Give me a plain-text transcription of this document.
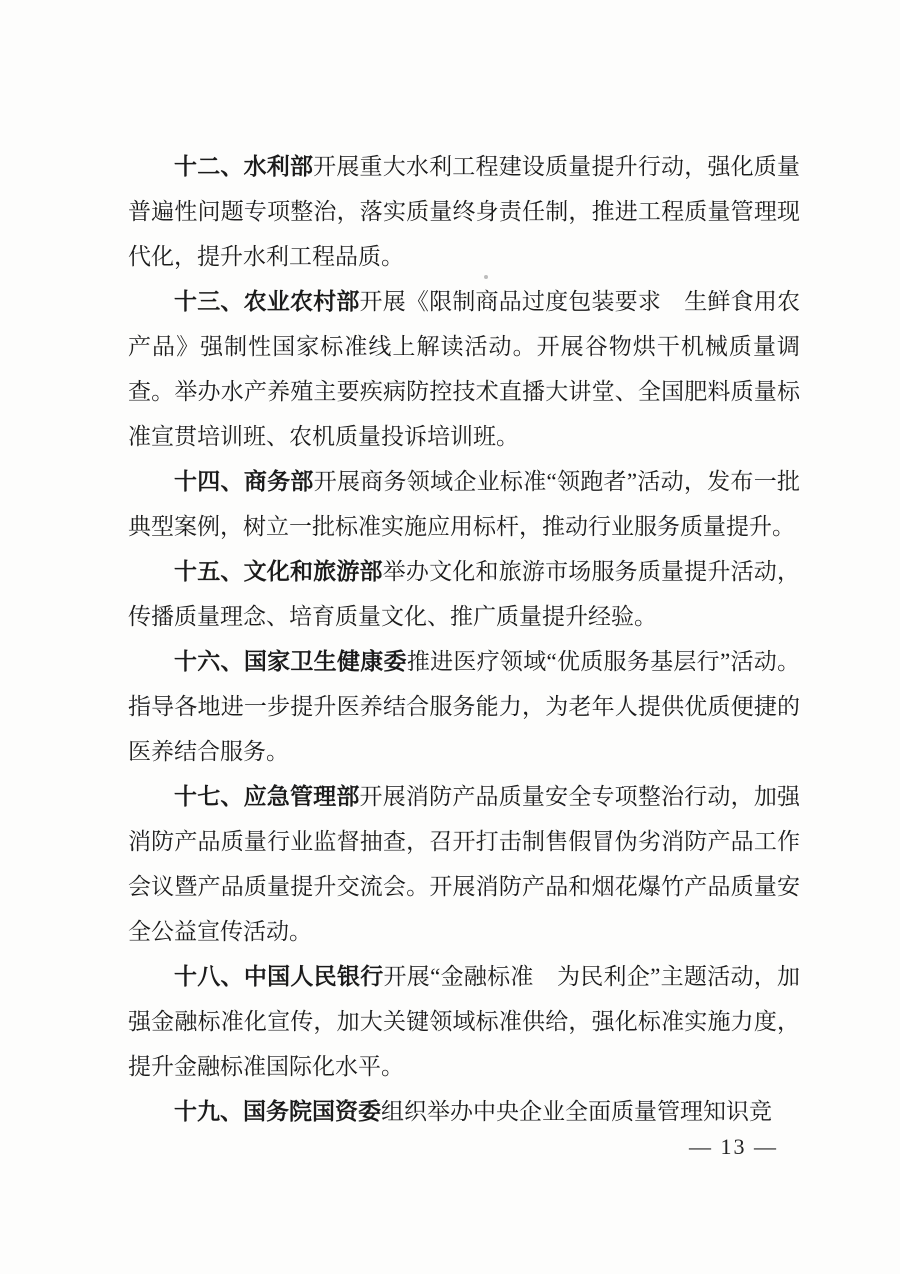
十二、水利部开展重大水利工程建设质量提升行动，强化质量普遍性问题专项整治，落实质量终身责任制，推进工程质量管理现代化，提升水利工程品质。

十三、农业农村部开展《限制商品过度包装要求　生鲜食用农产品》强制性国家标准线上解读活动。开展谷物烘干机械质量调查。举办水产养殖主要疾病防控技术直播大讲堂、全国肥料质量标准宣贯培训班、农机质量投诉培训班。

十四、商务部开展商务领域企业标准“领跑者”活动，发布一批典型案例，树立一批标准实施应用标杆，推动行业服务质量提升。

十五、文化和旅游部举办文化和旅游市场服务质量提升活动，传播质量理念、培育质量文化、推广质量提升经验。

十六、国家卫生健康委推进医疗领域“优质服务基层行”活动。指导各地进一步提升医养结合服务能力，为老年人提供优质便捷的医养结合服务。

十七、应急管理部开展消防产品质量安全专项整治行动，加强消防产品质量行业监督抽查，召开打击制售假冒伪劣消防产品工作会议暨产品质量提升交流会。开展消防产品和烟花爆竹产品质量安全公益宣传活动。

十八、中国人民银行开展“金融标准　为民利企”主题活动，加强金融标准化宣传，加大关键领域标准供给，强化标准实施力度，提升金融标准国际化水平。

十九、国务院国资委组织举办中央企业全面质量管理知识竞

— 13 —
